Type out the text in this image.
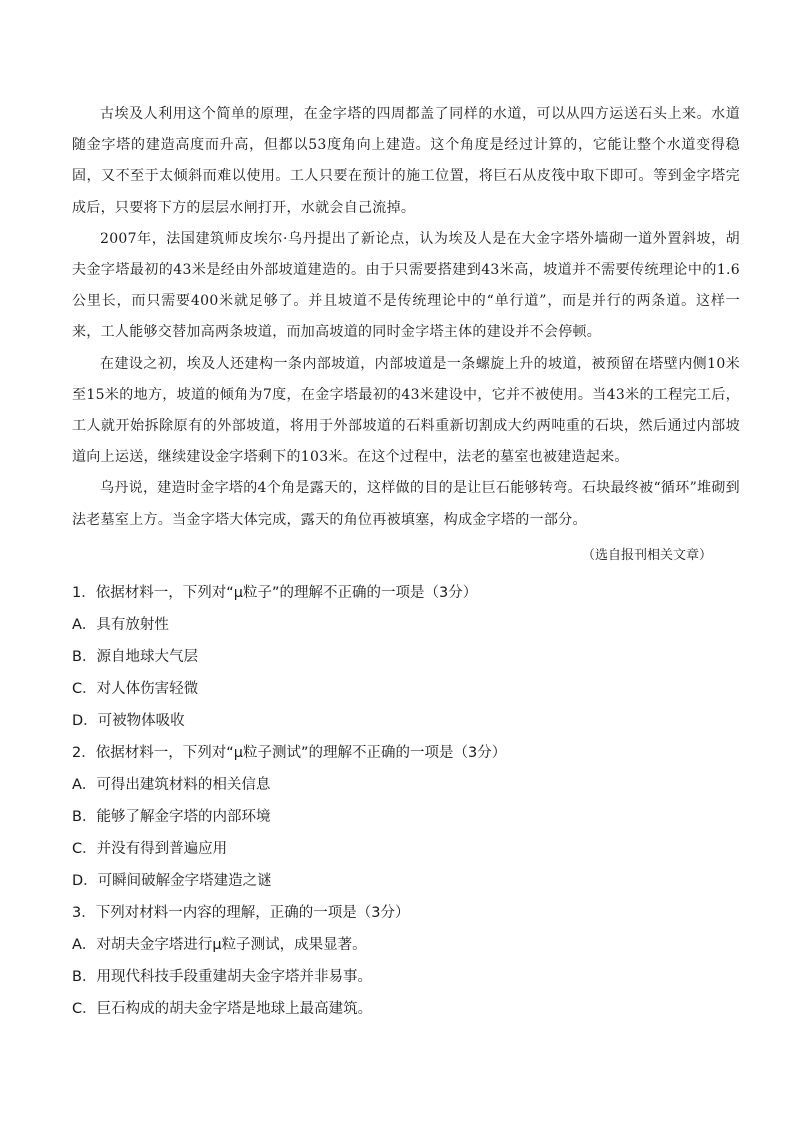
古埃及人利用这个简单的原理，在金字塔的四周都盖了同样的水道，可以从四方运送石头上来。水道随金字塔的建造高度而升高，但都以53度角向上建造。这个角度是经过计算的，它能让整个水道变得稳固，又不至于太倾斜而难以使用。工人只要在预计的施工位置，将巨石从皮筏中取下即可。等到金字塔完成后，只要将下方的层层水闸打开，水就会自己流掉。

2007年，法国建筑师皮埃尔·乌丹提出了新论点，认为埃及人是在大金字塔外墙砌一道外置斜坡，胡夫金字塔最初的43米是经由外部坡道建造的。由于只需要搭建到43米高，坡道并不需要传统理论中的1.6公里长，而只需要400米就足够了。并且坡道不是传统理论中的“单行道”，而是并行的两条道。这样一来，工人能够交替加高两条坡道，而加高坡道的同时金字塔主体的建设并不会停顿。

在建设之初，埃及人还建构一条内部坡道，内部坡道是一条螺旋上升的坡道，被预留在塔壁内侧10米至15米的地方，坡道的倾角为7度，在金字塔最初的43米建设中，它并不被使用。当43米的工程完工后，工人就开始拆除原有的外部坡道，将用于外部坡道的石料重新切割成大约两吨重的石块，然后通过内部坡道向上运送，继续建设金字塔剩下的103米。在这个过程中，法老的墓室也被建造起来。

乌丹说，建造时金字塔的4个角是露天的，这样做的目的是让巨石能够转弯。石块最终被“循环”堆砌到法老墓室上方。当金字塔大体完成，露天的角位再被填塞，构成金字塔的一部分。

（选自报刊相关文章）
1．依据材料一，下列对“μ粒子”的理解不正确的一项是（3分）
A．具有放射性
B．源自地球大气层
C．对人体伤害轻微
D．可被物体吸收
2．依据材料一，下列对“μ粒子测试”的理解不正确的一项是（3分）
A．可得出建筑材料的相关信息
B．能够了解金字塔的内部环境
C．并没有得到普遍应用
D．可瞬间破解金字塔建造之谜
3．下列对材料一内容的理解，正确的一项是（3分）
A．对胡夫金字塔进行μ粒子测试，成果显著。
B．用现代科技手段重建胡夫金字塔并非易事。
C．巨石构成的胡夫金字塔是地球上最高建筑。
